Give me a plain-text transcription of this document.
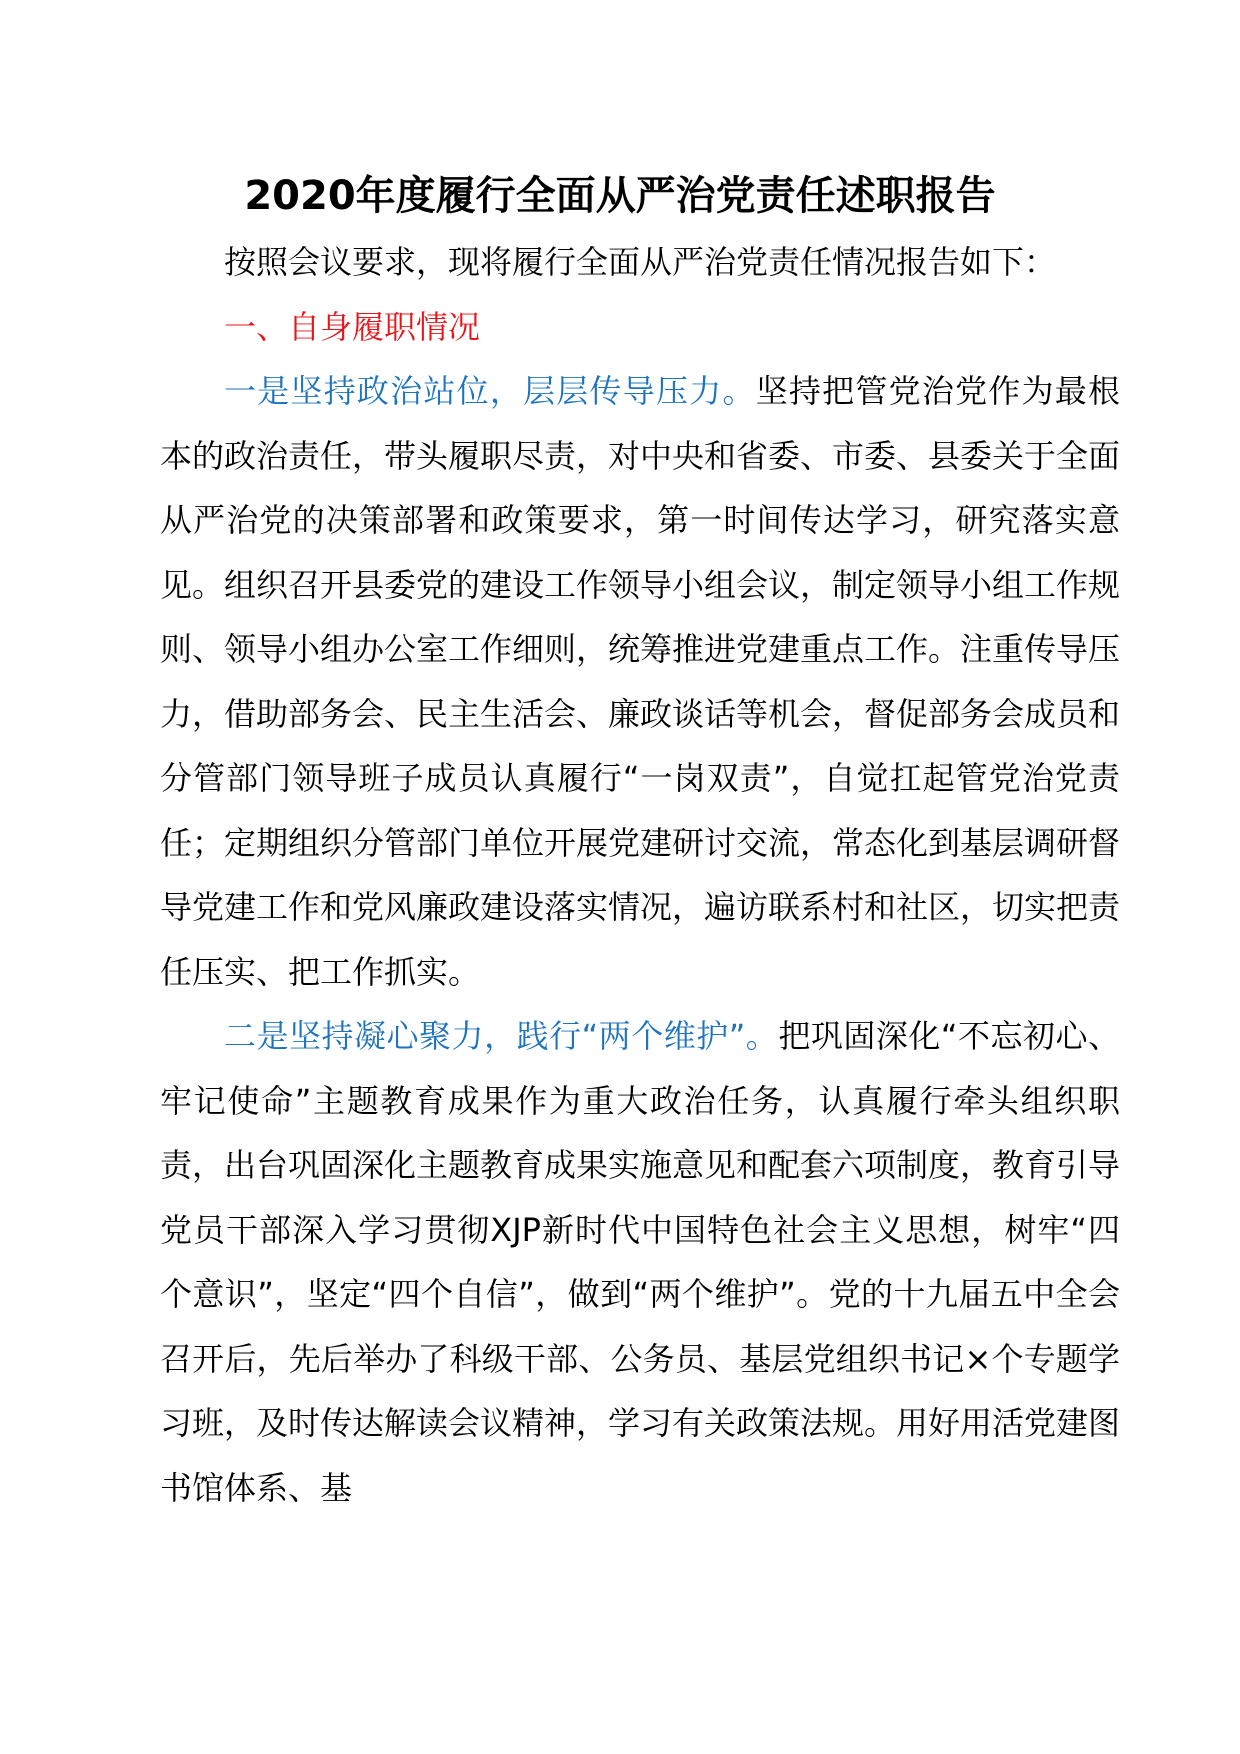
2020年度履行全面从严治党责任述职报告

按照会议要求，现将履行全面从严治党责任情况报告如下：

一、自身履职情况

一是坚持政治站位，层层传导压力。坚持把管党治党作为最根本的政治责任，带头履职尽责，对中央和省委、市委、县委关于全面从严治党的决策部署和政策要求，第一时间传达学习，研究落实意见。组织召开县委党的建设工作领导小组会议，制定领导小组工作规则、领导小组办公室工作细则，统筹推进党建重点工作。注重传导压力，借助部务会、民主生活会、廉政谈话等机会，督促部务会成员和分管部门领导班子成员认真履行“一岗双责”，自觉扛起管党治党责任；定期组织分管部门单位开展党建研讨交流，常态化到基层调研督导党建工作和党风廉政建设落实情况，遍访联系村和社区，切实把责任压实、把工作抓实。

二是坚持凝心聚力，践行“两个维护”。把巩固深化“不忘初心、牢记使命”主题教育成果作为重大政治任务，认真履行牵头组织职责，出台巩固深化主题教育成果实施意见和配套六项制度，教育引导党员干部深入学习贯彻XJP新时代中国特色社会主义思想，树牢“四个意识”，坚定“四个自信”，做到“两个维护”。党的十九届五中全会召开后，先后举办了科级干部、公务员、基层党组织书记×个专题学习班，及时传达解读会议精神，学习有关政策法规。用好用活党建图书馆体系、基
